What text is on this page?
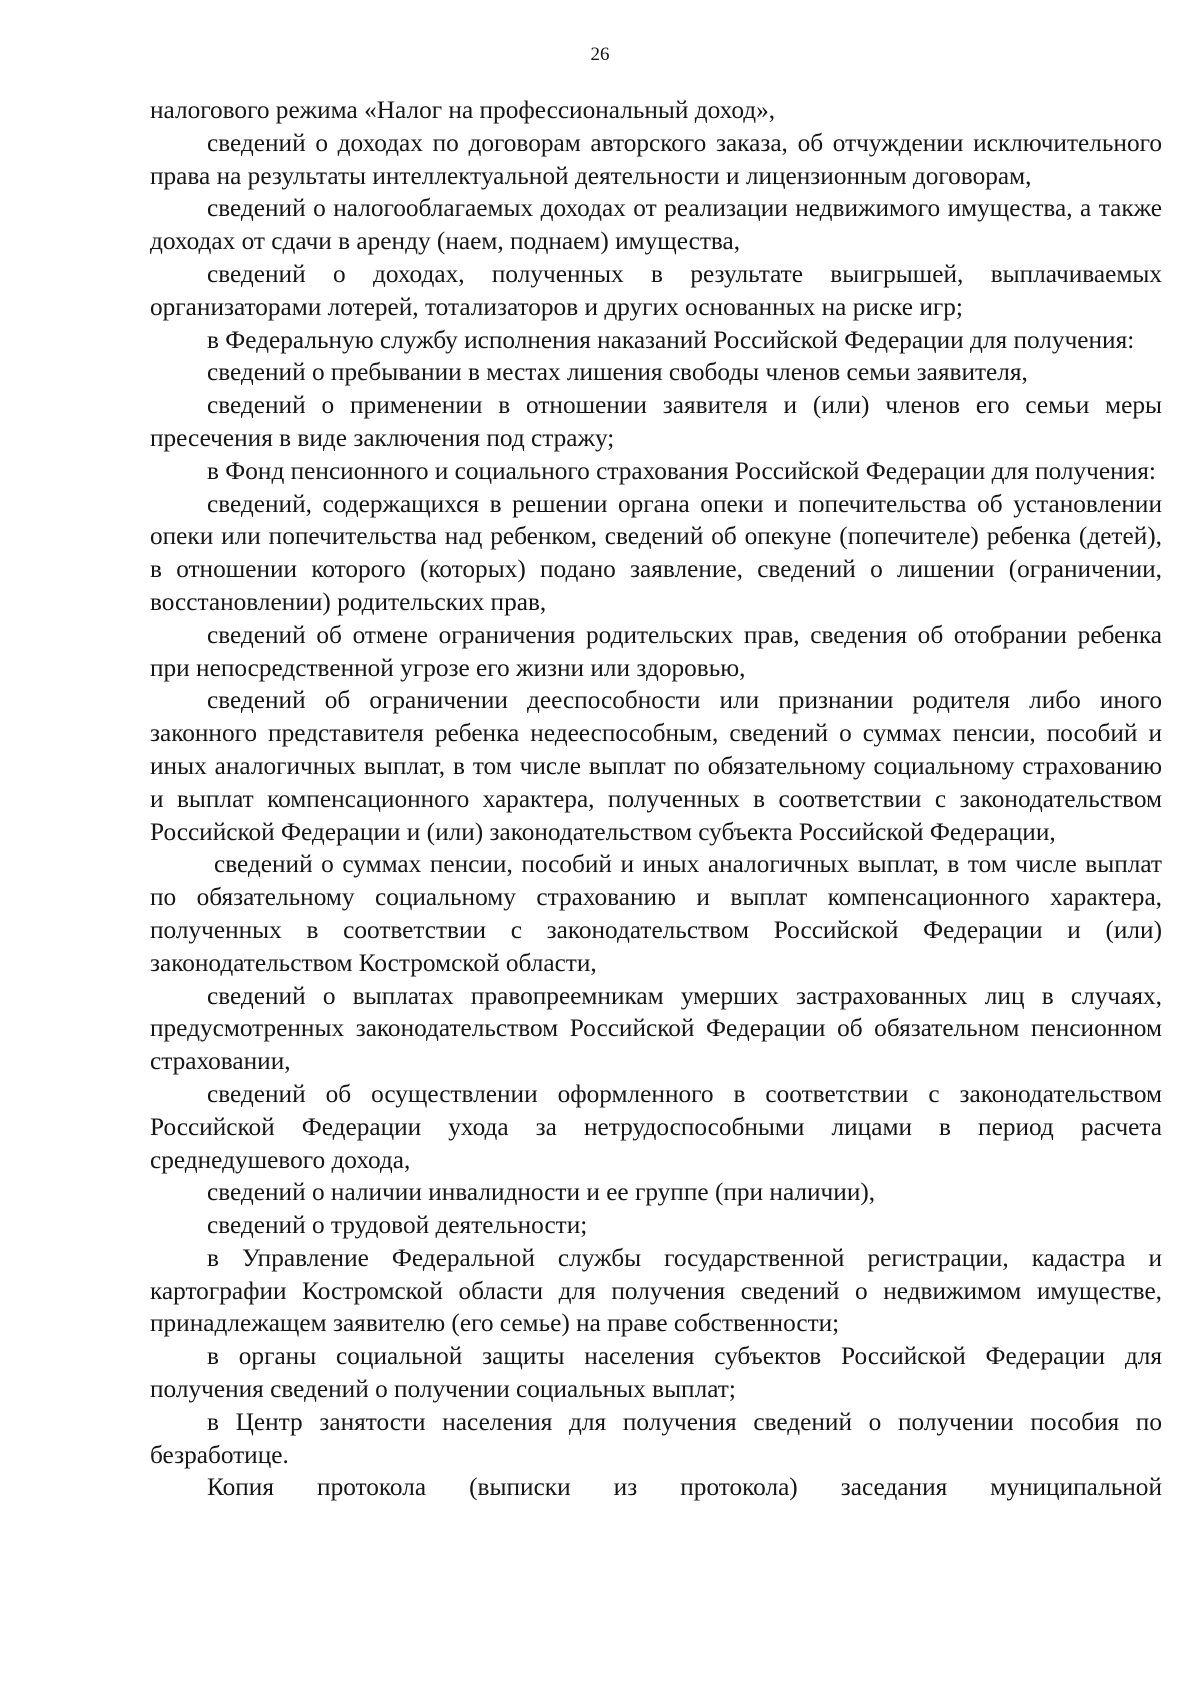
26

налогового режима «Налог на профессиональный доход»,

сведений о доходах по договорам авторского заказа, об отчуждении исключительного права на результаты интеллектуальной деятельности и лицензионным договорам,

сведений о налогооблагаемых доходах от реализации недвижимого имущества, а также доходах от сдачи в аренду (наем, поднаем) имущества,

сведений о доходах, полученных в результате выигрышей, выплачиваемых организаторами лотерей, тотализаторов и других основанных на риске игр;

в Федеральную службу исполнения наказаний Российской Федерации для получения:

сведений о пребывании в местах лишения свободы членов семьи заявителя,

сведений о применении в отношении заявителя и (или) членов его семьи меры пресечения в виде заключения под стражу;

в Фонд пенсионного и социального страхования Российской Федерации для получения:

сведений, содержащихся в решении органа опеки и попечительства об установлении опеки или попечительства над ребенком, сведений об опекуне (попечителе) ребенка (детей), в отношении которого (которых) подано заявление, сведений о лишении (ограничении, восстановлении) родительских прав,

сведений об отмене ограничения родительских прав, сведения об отобрании ребенка при непосредственной угрозе его жизни или здоровью,

сведений об ограничении дееспособности или признании родителя либо иного законного представителя ребенка недееспособным, сведений о суммах пенсии, пособий и иных аналогичных выплат, в том числе выплат по обязательному социальному страхованию и выплат компенсационного характера, полученных в соответствии с законодательством Российской Федерации и (или) законодательством субъекта Российской Федерации,

сведений о суммах пенсии, пособий и иных аналогичных выплат, в том числе выплат по обязательному социальному страхованию и выплат компенсационного характера, полученных в соответствии с законодательством Российской Федерации и (или) законодательством Костромской области,

сведений о выплатах правопреемникам умерших застрахованных лиц в случаях, предусмотренных законодательством Российской Федерации об обязательном пенсионном страховании,

сведений об осуществлении оформленного в соответствии с законодательством Российской Федерации ухода за нетрудоспособными лицами в период расчета среднедушевого дохода,

сведений о наличии инвалидности и ее группе (при наличии),

сведений о трудовой деятельности;

в Управление Федеральной службы государственной регистрации, кадастра и картографии Костромской области для получения сведений о недвижимом имуществе, принадлежащем заявителю (его семье) на праве собственности;

в органы социальной защиты населения субъектов Российской Федерации для получения сведений о получении социальных выплат;

в Центр занятости населения для получения сведений о получении пособия по безработице.

Копия протокола (выписки из протокола) заседания муниципальной
